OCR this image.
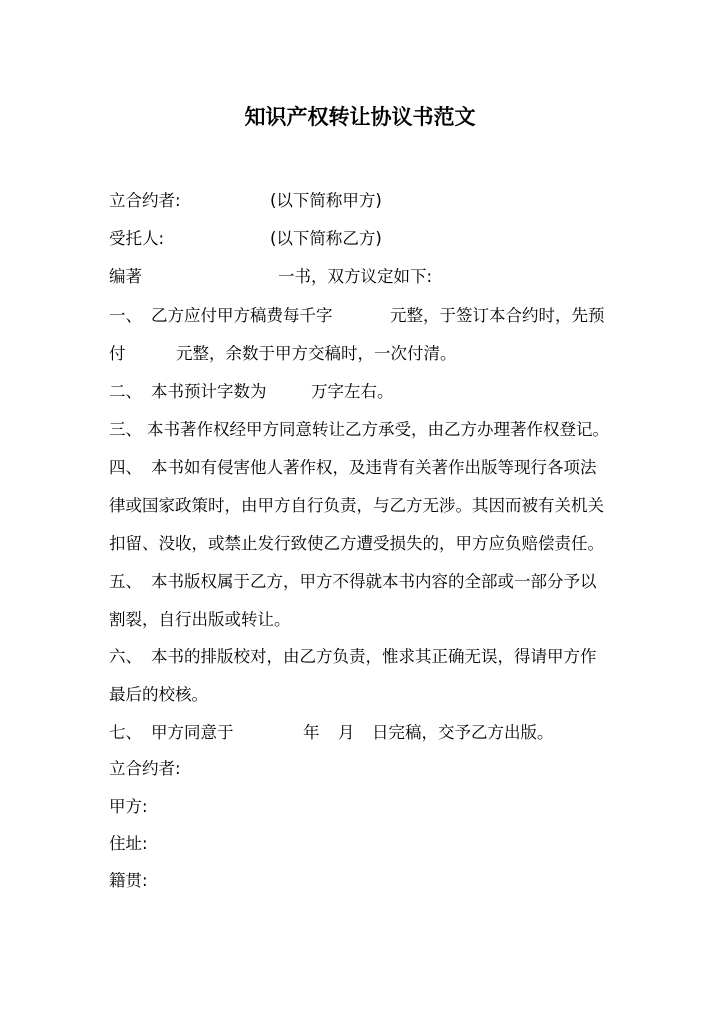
知识产权转让协议书范文
立合约者:	(以下简称甲方)
受托人:	(以下简称乙方)
编著	一书，双方议定如下:
一、 乙方应付甲方稿费每千字	元整，于签订本合约时，先预
付	元整，余数于甲方交稿时，一次付清。
二、 本书预计字数为	万字左右。
三、 本书著作权经甲方同意转让乙方承受，由乙方办理著作权登记。
四、 本书如有侵害他人著作权，及违背有关著作出版等现行各项法
律或国家政策时，由甲方自行负责，与乙方无涉。其因而被有关机关
扣留、没收，或禁止发行致使乙方遭受损失的，甲方应负赔偿责任。
五、 本书版权属于乙方，甲方不得就本书内容的全部或一部分予以
割裂，自行出版或转让。
六、 本书的排版校对，由乙方负责，惟求其正确无误，得请甲方作
最后的校核。
七、 甲方同意于	年 月 日完稿，交予乙方出版。
立合约者:
甲方:
住址:
籍贯:
